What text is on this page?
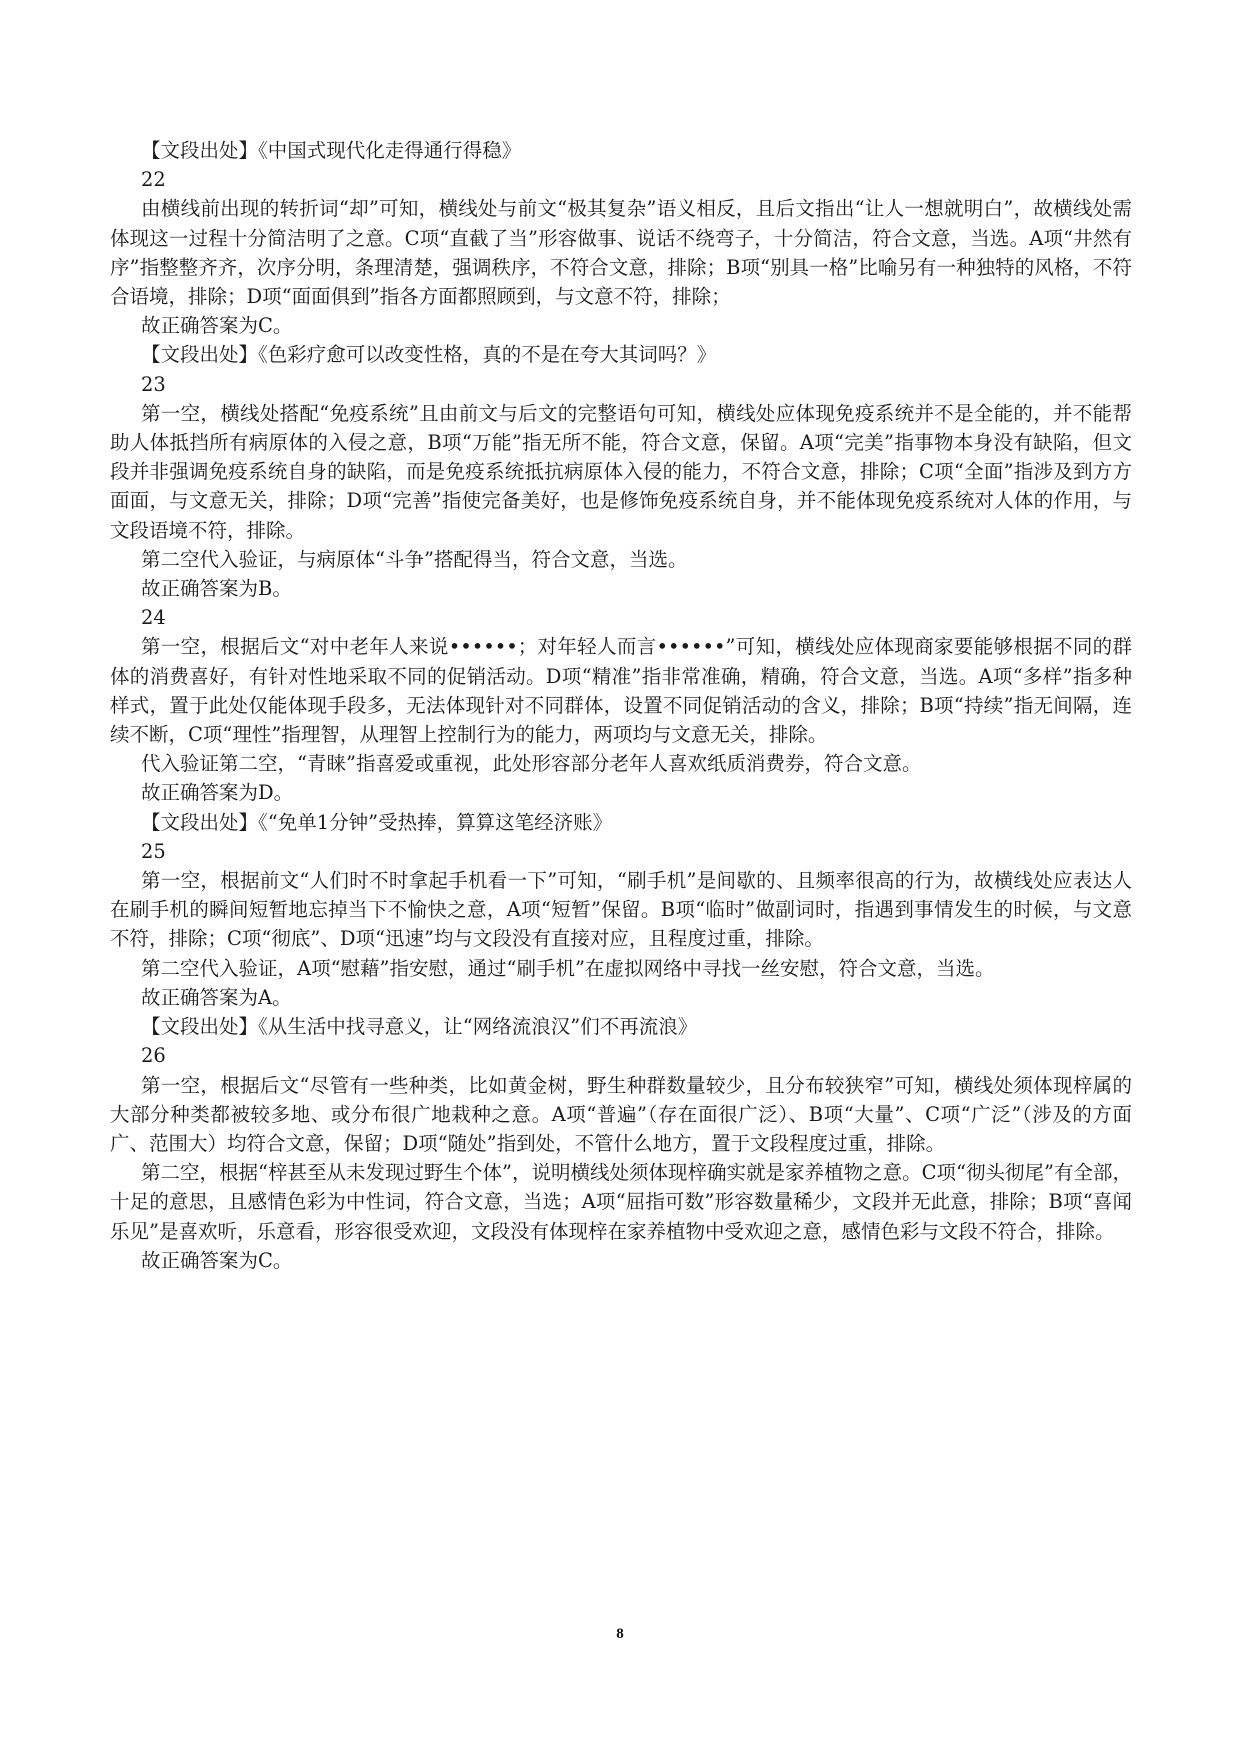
【文段出处】《中国式现代化走得通行得稳》

22

由横线前出现的转折词“却”可知，横线处与前文“极其复杂”语义相反，且后文指出“让人一想就明白”，故横线处需体现这一过程十分简洁明了之意。C项“直截了当”形容做事、说话不绕弯子，十分简洁，符合文意，当选。A项“井然有序”指整整齐齐，次序分明，条理清楚，强调秩序，不符合文意，排除；B项“别具一格”比喻另有一种独特的风格，不符合语境，排除；D项“面面俱到”指各方面都照顾到，与文意不符，排除；

故正确答案为C。

【文段出处】《色彩疗愈可以改变性格，真的不是在夸大其词吗？》

23

第一空，横线处搭配“免疫系统”且由前文与后文的完整语句可知，横线处应体现免疫系统并不是全能的，并不能帮助人体抵挡所有病原体的入侵之意，B项“万能”指无所不能，符合文意，保留。A项“完美”指事物本身没有缺陷，但文段并非强调免疫系统自身的缺陷，而是免疫系统抵抗病原体入侵的能力，不符合文意，排除；C项“全面”指涉及到方方面面，与文意无关，排除；D项“完善”指使完备美好，也是修饰免疫系统自身，并不能体现免疫系统对人体的作用，与文段语境不符，排除。

第二空代入验证，与病原体“斗争”搭配得当，符合文意，当选。

故正确答案为B。

24

第一空，根据后文“对中老年人来说••••••；对年轻人而言••••••”可知，横线处应体现商家要能够根据不同的群体的消费喜好，有针对性地采取不同的促销活动。D项“精准”指非常准确，精确，符合文意，当选。A项“多样”指多种样式，置于此处仅能体现手段多，无法体现针对不同群体，设置不同促销活动的含义，排除；B项“持续”指无间隔，连续不断，C项“理性”指理智，从理智上控制行为的能力，两项均与文意无关，排除。

代入验证第二空，“青睐”指喜爱或重视，此处形容部分老年人喜欢纸质消费券，符合文意。

故正确答案为D。

【文段出处】《“免单1分钟”受热捧，算算这笔经济账》

25

第一空，根据前文“人们时不时拿起手机看一下”可知，“刷手机”是间歇的、且频率很高的行为，故横线处应表达人在刷手机的瞬间短暂地忘掉当下不愉快之意，A项“短暂”保留。B项“临时”做副词时，指遇到事情发生的时候，与文意不符，排除；C项“彻底”、D项“迅速”均与文段没有直接对应，且程度过重，排除。

第二空代入验证，A项“慰藉”指安慰，通过“刷手机”在虚拟网络中寻找一丝安慰，符合文意，当选。

故正确答案为A。

【文段出处】《从生活中找寻意义，让“网络流浪汉”们不再流浪》

26

第一空，根据后文“尽管有一些种类，比如黄金树，野生种群数量较少，且分布较狭窄”可知，横线处须体现梓属的大部分种类都被较多地、或分布很广地栽种之意。A项“普遍”（存在面很广泛）、B项“大量”、C项“广泛”（涉及的方面广、范围大）均符合文意，保留；D项“随处”指到处，不管什么地方，置于文段程度过重，排除。

第二空，根据“梓甚至从未发现过野生个体”，说明横线处须体现梓确实就是家养植物之意。C项“彻头彻尾”有全部，十足的意思，且感情色彩为中性词，符合文意，当选；A项“屈指可数”形容数量稀少，文段并无此意，排除；B项“喜闻乐见”是喜欢听，乐意看，形容很受欢迎，文段没有体现梓在家养植物中受欢迎之意，感情色彩与文段不符合，排除。

故正确答案为C。

8
